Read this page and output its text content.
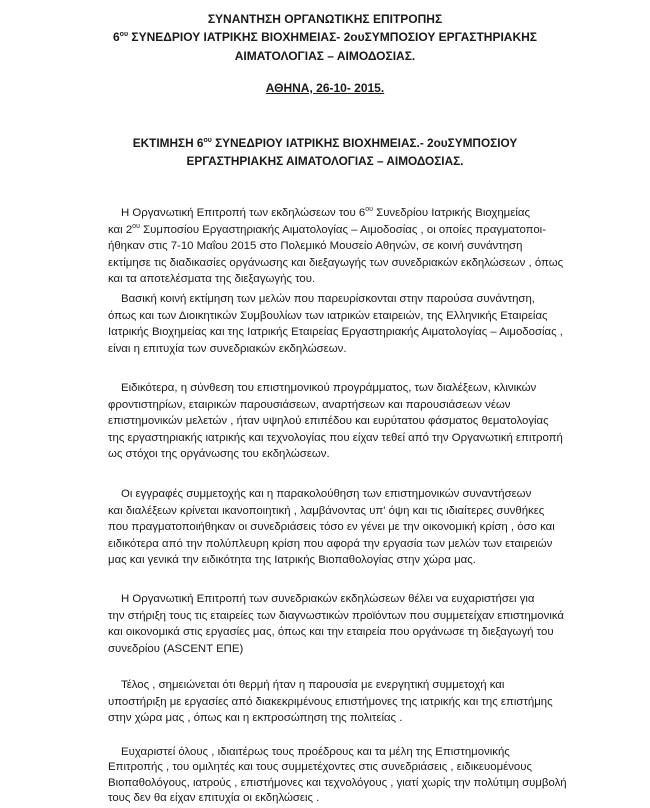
ΣΥΝΑΝΤΗΣΗ ΟΡΓΑΝΩΤΙΚΗΣ ΕΠΙΤΡΟΠΗΣ
$6^{o\upsilon}$ ΣΥΝΕΔΡΙΟΥ ΙΑΤΡΙΚΗΣ ΒΙΟΧΗΜΕΙΑΣ- 2ουΣΥΜΠΟΣΙΟΥ ΕΡΓΑΣΤΗΡΙΑΚΗΣ
ΑΙΜΑΤΟΛΟΓΙΑΣ – ΑΙΜΟΔΟΣΙΑΣ.
ΑΘΗΝΑ, 26-10- 2015.
ΕΚΤΙΜΗΣΗ $6^{o\upsilon}$ ΣΥΝΕΔΡΙΟΥ ΙΑΤΡΙΚΗΣ ΒΙΟΧΗΜΕΙΑΣ.- 2ουΣΥΜΠΟΣΙΟΥ
ΕΡΓΑΣΤΗΡΙΑΚΗΣ ΑΙΜΑΤΟΛΟΓΙΑΣ – ΑΙΜΟΔΟΣΙΑΣ.
Η Οργανωτική Επιτροπή των εκδηλώσεων του $6^{o\upsilon}$ Συνεδρίου Ιατρικής Βιοχημείας
και $2^{o\upsilon}$ Συμποσίου Εργαστηριακής Αιματολογίας – Αιμοδοσίας , οι οποίες πραγματοποι-
ήθηκαν στις 7-10 Μαΐου 2015 στο Πολεμικό Μουσείο Αθηνών, σε κοινή συνάντηση
εκτίμησε τις διαδικασίες οργάνωσης και διεξαγωγής των συνεδριακών εκδηλώσεων , όπως
και τα αποτελέσματα της διεξαγωγής του.
Βασική κοινή εκτίμηση των μελών που παρευρίσκονται στην παρούσα συνάντηση,
όπως και των Διοικητικών Συμβουλίων των ιατρικών εταιρειών, της Ελληνικής Εταιρείας
Ιατρικής Βιοχημείας και της Ιατρικής Εταιρείας Εργαστηριακής Αιματολογίας – Αιμοδοσίας ,
είναι η επιτυχία των συνεδριακών εκδηλώσεων.
Ειδικότερα, η σύνθεση του επιστημονικού προγράμματος, των διαλέξεων, κλινικών
φροντιστηρίων, εταιρικών παρουσιάσεων, αναρτήσεων και παρουσιάσεων νέων
επιστημονικών μελετών , ήταν υψηλού επιπέδου και ευρύτατου φάσματος θεματολογίας
της εργαστηριακής ιατρικής και τεχνολογίας που είχαν τεθεί από την Οργανωτική επιτροπή
ως στόχοι της οργάνωσης του εκδηλώσεων.
Οι εγγραφές συμμετοχής και η παρακολούθηση των επιστημονικών συναντήσεων
και διαλέξεων κρίνεται ικανοποιητική , λαμβάνοντας υπ' όψη και τις ιδιαίτερες συνθήκες
που πραγματοποιήθηκαν οι συνεδριάσεις τόσο εν γένει με την οικονομική κρίση , όσο και
ειδικότερα από την πολύπλευρη κρίση που αφορά την εργασία των μελών των εταιρειών
μας και γενικά την ειδικότητα της Ιατρικής Βιοπαθολογίας στην χώρα μας.
Η Οργανωτική Επιτροπή των συνεδριακών εκδηλώσεων θέλει να ευχαριστήσει για
την στήριξη τους τις εταιρείες των διαγνωστικών προϊόντων που συμμετείχαν επιστημονικά
και οικονομικά στις εργασίες μας, όπως και την εταιρεία που οργάνωσε τη διεξαγωγή του
συνεδρίου (ASCENT ΕΠΕ)
Τέλος , σημειώνεται ότι θερμή ήταν η παρουσία με ενεργητική συμμετοχή και
υποστήριξη με εργασίες από διακεκριμένους επιστήμονες της ιατρικής και της επιστήμης
στην χώρα μας , όπως και η εκπροσώπηση της πολιτείας .
Ευχαριστεί όλους , ιδιαιτέρως τους προέδρους και τα μέλη της Επιστημονικής
Επιτροπής , του ομιλητές και τους συμμετέχοντες στις συνεδριάσεις , ειδικευομένους
Βιοπαθολόγους, ιατρούς , επιστήμονες και τεχνολόγους , γιατί χωρίς την πολύτιμη συμβολή
τους δεν θα είχαν επιτυχία οι εκδηλώσεις .
